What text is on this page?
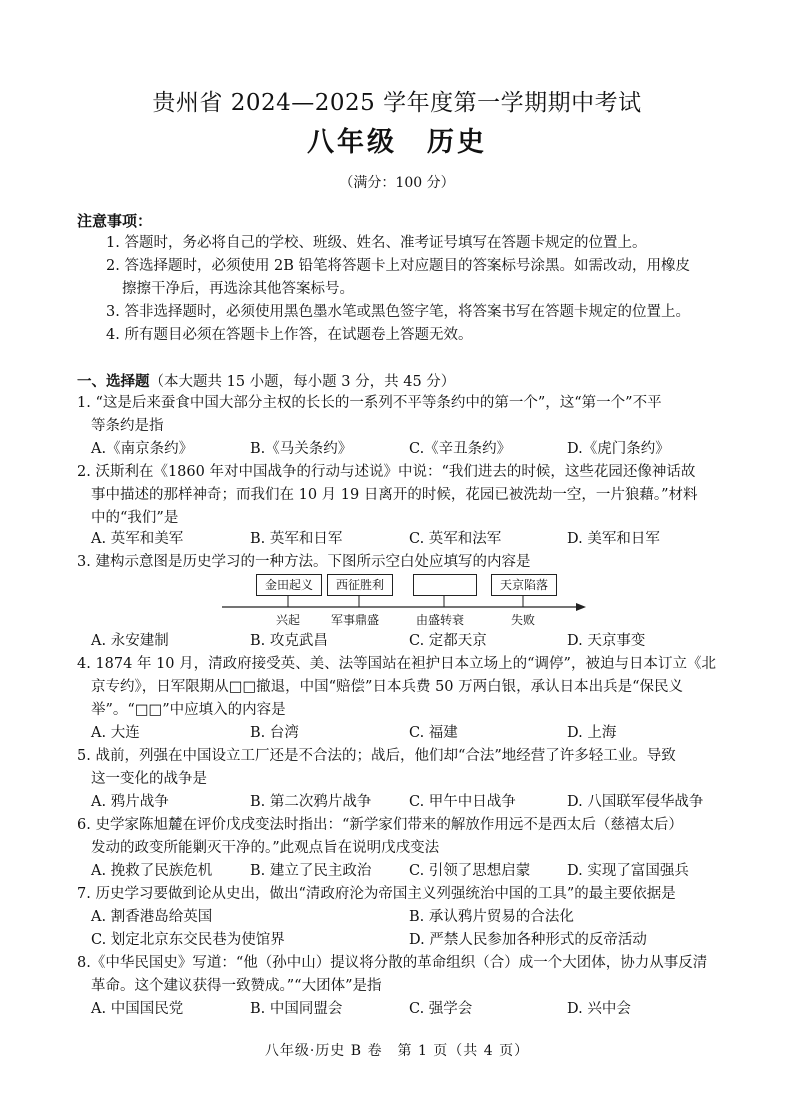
贵州省 2024—2025 学年度第一学期期中考试
八年级　历史
（满分：100 分）
注意事项：
1. 答题时，务必将自己的学校、班级、姓名、准考证号填写在答题卡规定的位置上。
2. 答选择题时，必须使用 2B 铅笔将答题卡上对应题目的答案标号涂黑。如需改动，用橡皮
擦擦干净后，再选涂其他答案标号。
3. 答非选择题时，必须使用黑色墨水笔或黑色签字笔，将答案书写在答题卡规定的位置上。
4. 所有题目必须在答题卡上作答，在试题卷上答题无效。
一、选择题（本大题共 15 小题，每小题 3 分，共 45 分）
1. “这是后来蚕食中国大部分主权的长长的一系列不平等条约中的第一个”，这“第一个”不平
等条约是指
A.《南京条约》	B.《马关条约》	C.《辛丑条约》	D.《虎门条约》
2. 沃斯利在《1860 年对中国战争的行动与述说》中说：“我们进去的时候，这些花园还像神话故
事中描述的那样神奇；而我们在 10 月 19 日离开的时候，花园已被洗劫一空，一片狼藉。”材料
中的“我们”是
A. 英军和美军	B. 英军和日军	C. 英军和法军	D. 美军和日军
3. 建构示意图是历史学习的一种方法。下图所示空白处应填写的内容是
金田起义	西征胜利	天京陷落
兴起	军事鼎盛	由盛转衰	失败
A. 永安建制	B. 攻克武昌	C. 定都天京	D. 天京事变
4. 1874 年 10 月，清政府接受英、美、法等国站在袒护日本立场上的“调停”，被迫与日本订立《北
京专约》，日军限期从□□撤退，中国“赔偿”日本兵费 50 万两白银，承认日本出兵是“保民义
举”。“□□”中应填入的内容是
A. 大连	B. 台湾	C. 福建	D. 上海
5. 战前，列强在中国设立工厂还是不合法的；战后，他们却“合法”地经营了许多轻工业。导致
这一变化的战争是
A. 鸦片战争	B. 第二次鸦片战争	C. 甲午中日战争	D. 八国联军侵华战争
6. 史学家陈旭麓在评价戊戌变法时指出：“新学家们带来的解放作用远不是西太后（慈禧太后）
发动的政变所能剿灭干净的。”此观点旨在说明戊戌变法
A. 挽救了民族危机	B. 建立了民主政治	C. 引领了思想启蒙	D. 实现了富国强兵
7. 历史学习要做到论从史出，做出“清政府沦为帝国主义列强统治中国的工具”的最主要依据是
A. 割香港岛给英国	B. 承认鸦片贸易的合法化
C. 划定北京东交民巷为使馆界	D. 严禁人民参加各种形式的反帝活动
8.《中华民国史》写道：“他（孙中山）提议将分散的革命组织（合）成一个大团体，协力从事反清
革命。这个建议获得一致赞成。”“大团体”是指
A. 中国国民党	B. 中国同盟会	C. 强学会	D. 兴中会
八年级·历史 B 卷　第 1 页（共 4 页）
